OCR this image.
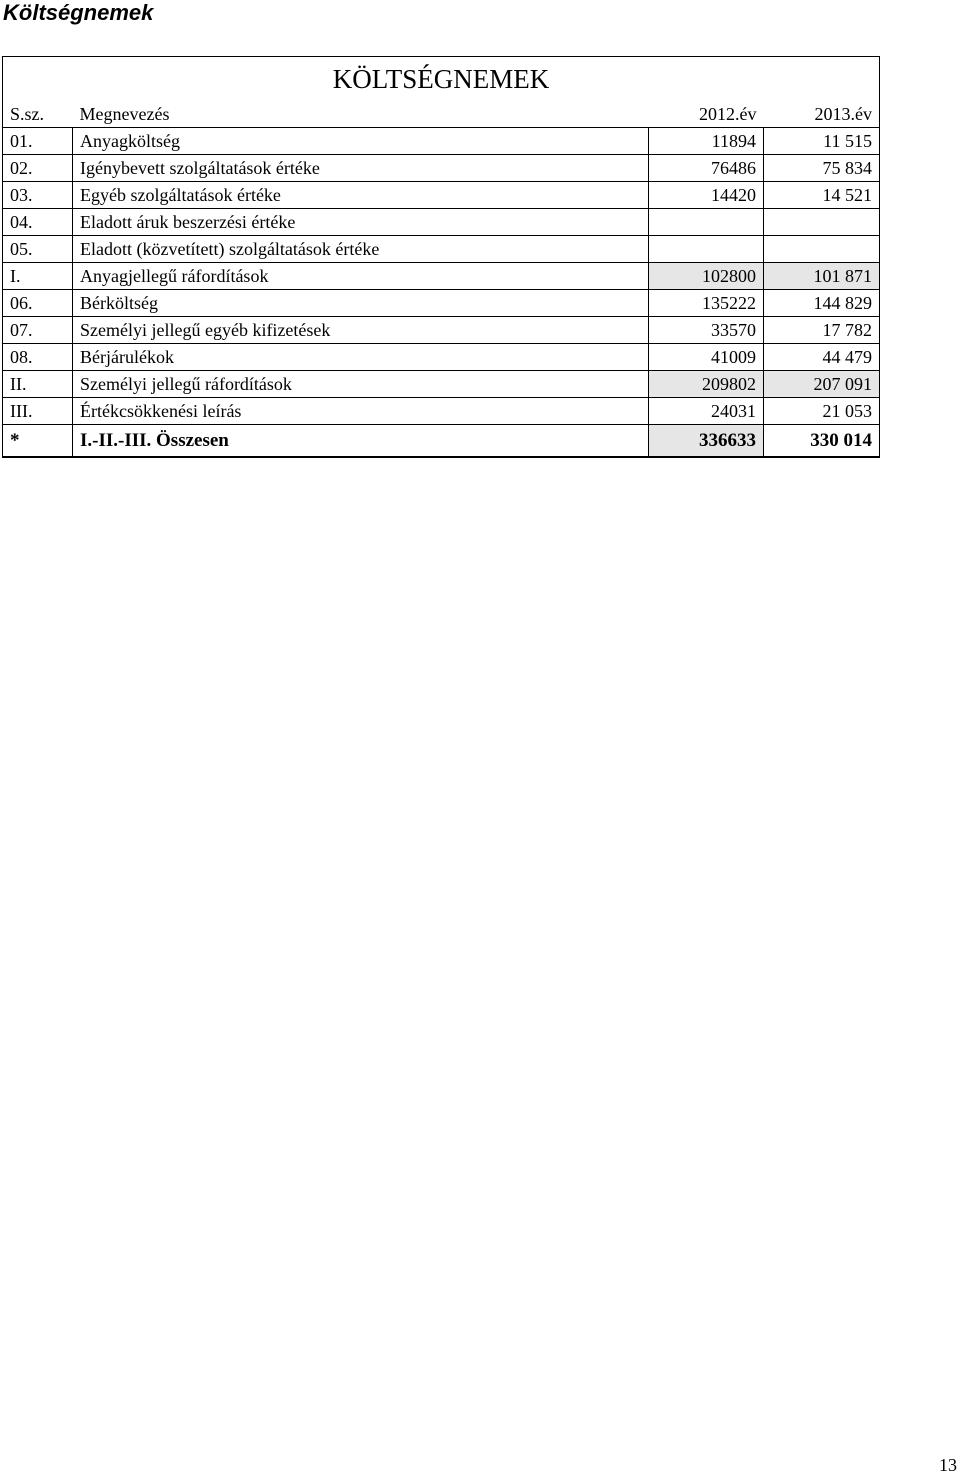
Költségnemek
KÖLTSÉGNEMEK			
S.sz.	Megnevezés	2012.év	2013.év
01.	Anyagköltség	11894	11 515
02.	Igénybevett szolgáltatások értéke	76486	75 834
03.	Egyéb szolgáltatások értéke	14420	14 521
04.	Eladott áruk beszerzési értéke		
05.	Eladott (közvetített) szolgáltatások értéke		
I.	Anyagjellegű ráfordítások	102800	101 871
06.	Bérköltség	135222	144 829
07.	Személyi jellegű egyéb kifizetések	33570	17 782
08.	Bérjárulékok	41009	44 479
II.	Személyi jellegű ráfordítások	209802	207 091
III.	Értékcsökkenési leírás	24031	21 053
*	I.-II.-III. Összesen	336633	330 014
13
